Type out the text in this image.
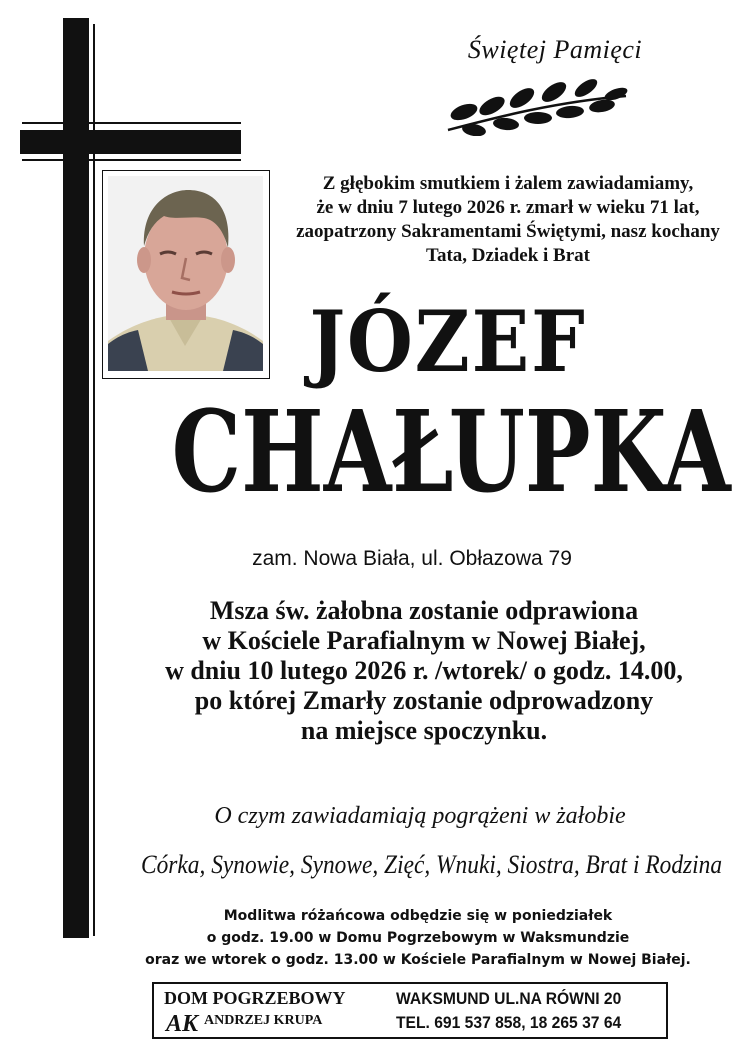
Świętej Pamięci
Z głębokim smutkiem i żalem zawiadamiamy,
że w dniu 7 lutego 2026 r. zmarł w wieku 71 lat,
zaopatrzony Sakramentami Świętymi, nasz kochany
Tata, Dziadek i Brat
JÓZEF
CHAŁUPKA
zam. Nowa Biała, ul. Obłazowa 79
Msza św. żałobna zostanie odprawiona
w Kościele Parafialnym w Nowej Białej,
w dniu 10 lutego 2026 r. /wtorek/ o godz. 14.00,
po której Zmarły zostanie odprowadzony
na miejsce spoczynku.
O czym zawiadamiają pogrążeni w żałobie
Córka, Synowie, Synowe, Zięć, Wnuki, Siostra, Brat i Rodzina
Modlitwa różańcowa odbędzie się w poniedziałek
o godz. 19.00 w Domu Pogrzebowym w Waksmundzie
oraz we wtorek o godz. 13.00 w Kościele Parafialnym w Nowej Białej.
DOM POGRZEBOWY
AK ANDRZEJ KRUPA
WAKSMUND UL.NA RÓWNI 20
TEL. 691 537 858, 18 265 37 64
